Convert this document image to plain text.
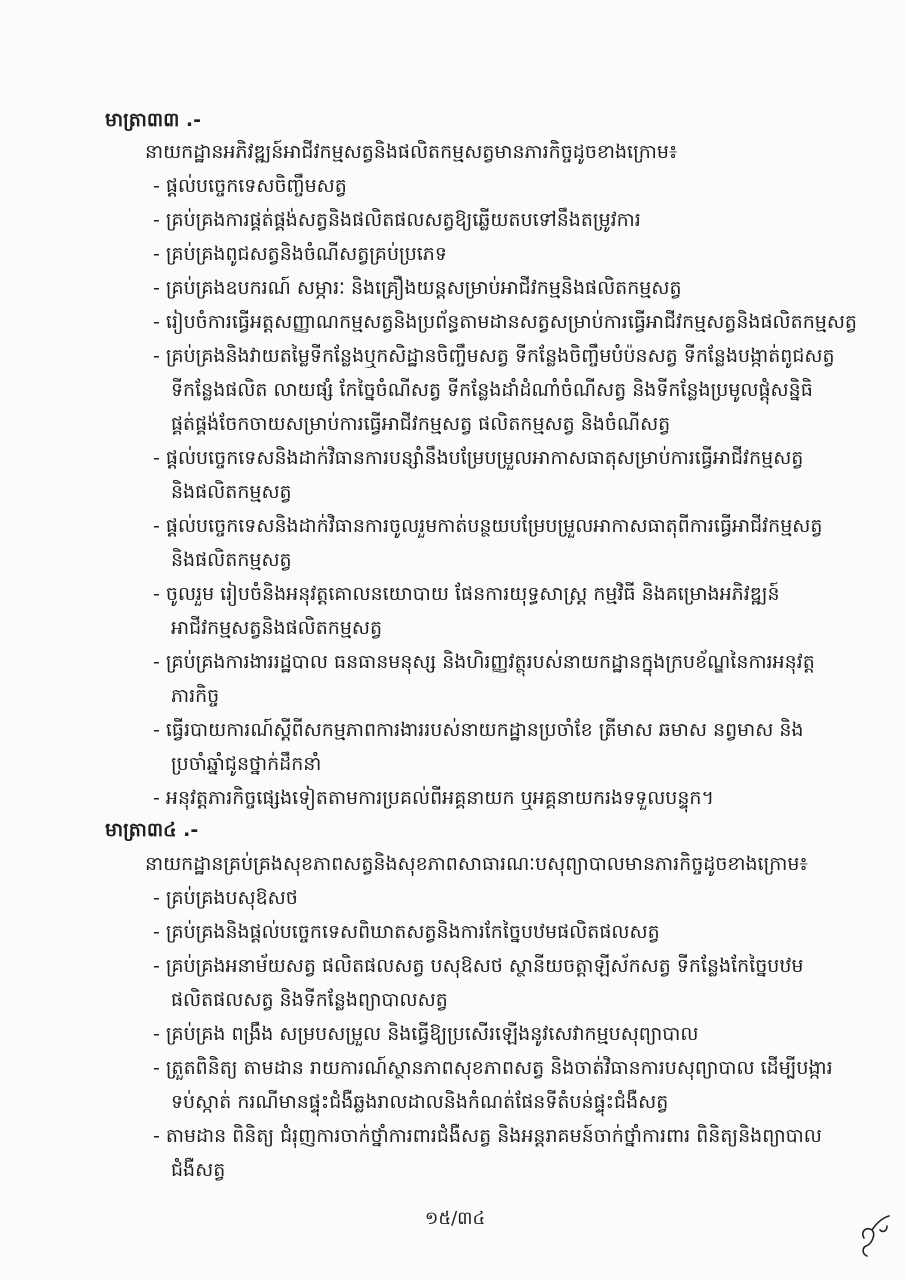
មាត្រា៣៣ .-
នាយកដ្ឋានអភិវឌ្ឍន៍អាជីវកម្មសត្វនិងផលិតកម្មសត្វមានភារកិច្ចដូចខាងក្រោម៖
- ផ្តល់បច្ចេកទេសចិញ្ចឹមសត្វ
- គ្រប់គ្រងការផ្គត់ផ្គង់សត្វនិងផលិតផលសត្វឱ្យឆ្លើយតបទៅនឹងតម្រូវការ
- គ្រប់គ្រងពូជសត្វនិងចំណីសត្វគ្រប់ប្រភេទ
- គ្រប់គ្រងឧបករណ៍ សម្ភារៈ និងគ្រឿងយន្តសម្រាប់អាជីវកម្មនិងផលិតកម្មសត្វ
- រៀបចំការធ្វើអត្តសញ្ញាណកម្មសត្វនិងប្រព័ន្ធតាមដានសត្វសម្រាប់ការធ្វើអាជីវកម្មសត្វនិងផលិតកម្មសត្វ
- គ្រប់គ្រងនិងវាយតម្លៃទីកន្លែងឬកសិដ្ឋានចិញ្ចឹមសត្វ ទីកន្លែងចិញ្ចឹមបំប៉នសត្វ ទីកន្លែងបង្កាត់ពូជសត្វ
ទីកន្លែងផលិត លាយផ្សំ កែច្នៃចំណីសត្វ ទីកន្លែងដាំដំណាំចំណីសត្វ និងទីកន្លែងប្រមូលផ្តុំសន្និធិ
ផ្គត់ផ្គង់ចែកចាយសម្រាប់ការធ្វើអាជីវកម្មសត្វ ផលិតកម្មសត្វ និងចំណីសត្វ
- ផ្តល់បច្ចេកទេសនិងដាក់វិធានការបន្សាំនឹងបម្រែបម្រួលអាកាសធាតុសម្រាប់ការធ្វើអាជីវកម្មសត្វ
និងផលិតកម្មសត្វ
- ផ្តល់បច្ចេកទេសនិងដាក់វិធានការចូលរួមកាត់បន្ថយបម្រែបម្រួលអាកាសធាតុពីការធ្វើអាជីវកម្មសត្វ
និងផលិតកម្មសត្វ
- ចូលរួម រៀបចំនិងអនុវត្តគោលនយោបាយ ផែនការយុទ្ធសាស្ត្រ កម្មវិធី និងគម្រោងអភិវឌ្ឍន៍
អាជីវកម្មសត្វនិងផលិតកម្មសត្វ
- គ្រប់គ្រងការងាររដ្ឋបាល ធនធានមនុស្ស និងហិរញ្ញវត្ថុរបស់នាយកដ្ឋានក្នុងក្របខ័ណ្ឌនៃការអនុវត្ត
ភារកិច្ច
- ធ្វើរបាយការណ៍ស្តីពីសកម្មភាពការងាររបស់នាយកដ្ឋានប្រចាំខែ ត្រីមាស ឆមាស នព្វមាស និង
ប្រចាំឆ្នាំជូនថ្នាក់ដឹកនាំ
- អនុវត្តភារកិច្ចផ្សេងទៀតតាមការប្រគល់ពីអគ្គនាយក ឬអគ្គនាយករងទទួលបន្ទុក។
មាត្រា៣៤ .-
នាយកដ្ឋានគ្រប់គ្រងសុខភាពសត្វនិងសុខភាពសាធារណៈបសុព្យាបាលមានភារកិច្ចដូចខាងក្រោម៖
- គ្រប់គ្រងបសុឱសថ
- គ្រប់គ្រងនិងផ្តល់បច្ចេកទេសពិឃាតសត្វនិងការកែច្នៃបឋមផលិតផលសត្វ
- គ្រប់គ្រងអនាម័យសត្វ ផលិតផលសត្វ បសុឱសថ ស្ថានីយចត្តាឡីស័កសត្វ ទីកន្លែងកែច្នៃបឋម
ផលិតផលសត្វ និងទីកន្លែងព្យាបាលសត្វ
- គ្រប់គ្រង ពង្រឹង សម្របសម្រួល និងធ្វើឱ្យប្រសើរឡើងនូវសេវាកម្មបសុព្យាបាល
- ត្រួតពិនិត្យ តាមដាន រាយការណ៍ស្ថានភាពសុខភាពសត្វ និងចាត់វិធានការបសុព្យាបាល ដើម្បីបង្ការ
ទប់ស្កាត់ ករណីមានផ្ទុះជំងឺឆ្លងរាលដាលនិងកំណត់ផែនទីតំបន់ផ្ទុះជំងឺសត្វ
- តាមដាន ពិនិត្យ ជំរុញការចាក់ថ្នាំការពារជំងឺសត្វ និងអន្តរាគមន៍ចាក់ថ្នាំការពារ ពិនិត្យនិងព្យាបាល
ជំងឺសត្វ
១៥/៣៤
